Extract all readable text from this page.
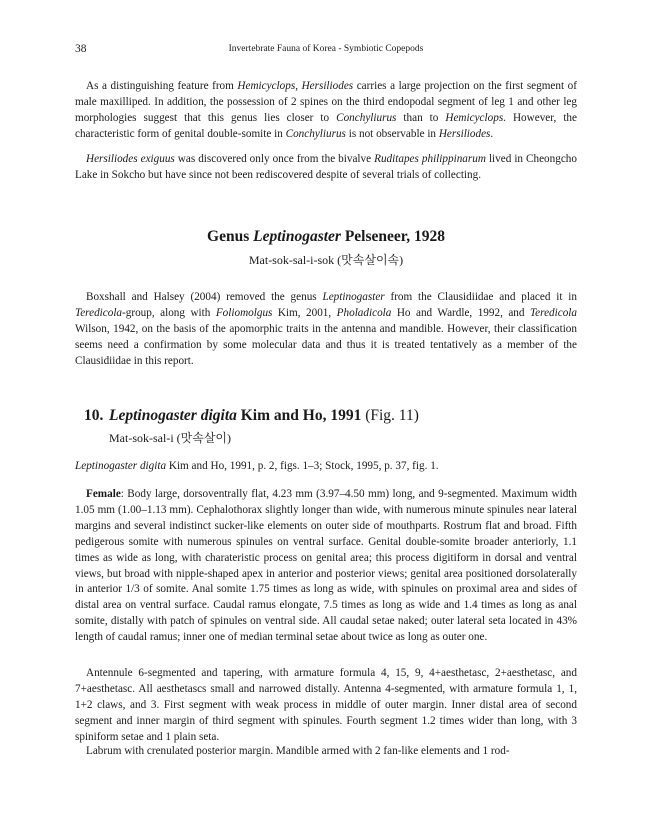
38	Invertebrate Fauna of Korea - Symbiotic Copepods

As a distinguishing feature from Hemicyclops, Hersiliodes carries a large projection on the first segment of male maxilliped. In addition, the possession of 2 spines on the third endopodal segment of leg 1 and other leg morphologies suggest that this genus lies closer to Conchyliurus than to Hemicyclops. However, the characteristic form of genital double-somite in Conchyliurus is not observable in Hersiliodes.

Hersiliodes exiguus was discovered only once from the bivalve Ruditapes philippinarum lived in Cheongcho Lake in Sokcho but have since not been rediscovered despite of several trials of collecting.

Genus Leptinogaster Pelseneer, 1928
Mat-sok-sal-i-sok (맛속살이속)

Boxshall and Halsey (2004) removed the genus Leptinogaster from the Clausidiidae and placed it in Teredicola-group, along with Foliomolgus Kim, 2001, Pholadicola Ho and Wardle, 1992, and Teredicola Wilson, 1942, on the basis of the apomorphic traits in the antenna and mandible. However, their classification seems need a confirmation by some molecular data and thus it is treated tentatively as a member of the Clausidiidae in this report.

10. Leptinogaster digita Kim and Ho, 1991 (Fig. 11)
Mat-sok-sal-i (맛속살이)

Leptinogaster digita Kim and Ho, 1991, p. 2, figs. 1–3; Stock, 1995, p. 37, fig. 1.

Female: Body large, dorsoventrally flat, 4.23 mm (3.97–4.50 mm) long, and 9-segmented. Maximum width 1.05 mm (1.00–1.13 mm). Cephalothorax slightly longer than wide, with numerous minute spinules near lateral margins and several indistinct sucker-like elements on outer side of mouthparts. Rostrum flat and broad. Fifth pedigerous somite with numerous spinules on ventral surface. Genital double-somite broader anteriorly, 1.1 times as wide as long, with charateristic process on genital area; this process digitiform in dorsal and ventral views, but broad with nipple-shaped apex in anterior and posterior views; genital area positioned dorsolaterally in anterior 1/3 of somite. Anal somite 1.75 times as long as wide, with spinules on proximal area and sides of distal area on ventral surface. Caudal ramus elongate, 7.5 times as long as wide and 1.4 times as long as anal somite, distally with patch of spinules on ventral side. All caudal setae naked; outer lateral seta located in 43% length of caudal ramus; inner one of median terminal setae about twice as long as outer one.

Antennule 6-segmented and tapering, with armature formula 4, 15, 9, 4+aesthetasc, 2+aesthetasc, and 7+aesthetasc. All aesthetascs small and narrowed distally. Antenna 4-segmented, with armature formula 1, 1, 1+2 claws, and 3. First segment with weak process in middle of outer margin. Inner distal area of second segment and inner margin of third segment with spinules. Fourth segment 1.2 times wider than long, with 3 spiniform setae and 1 plain seta.

Labrum with crenulated posterior margin. Mandible armed with 2 fan-like elements and 1 rod-
